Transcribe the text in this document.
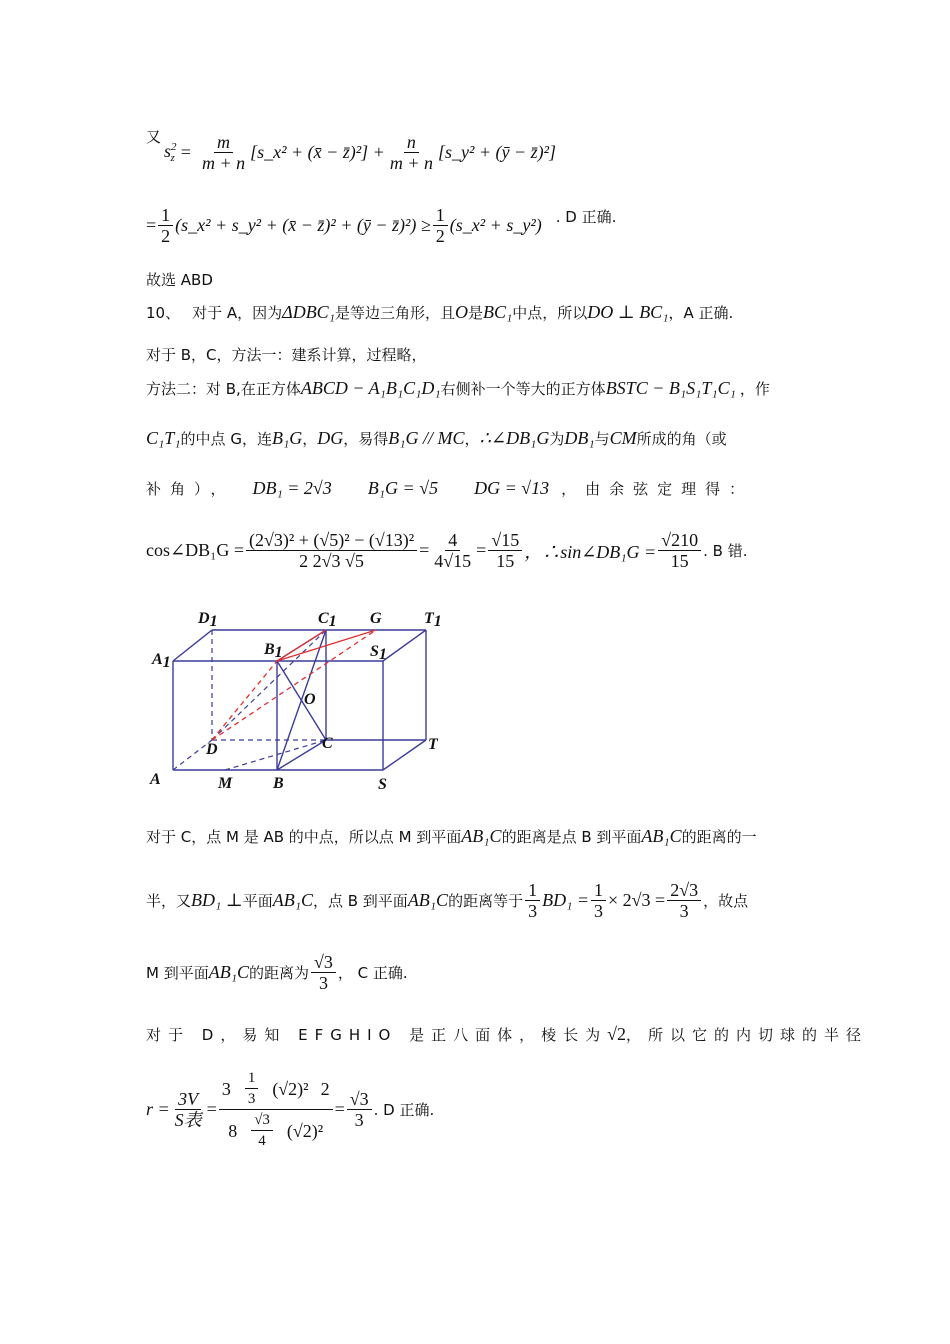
又
$s^2_z = \frac{m}{m + n}$ [s_x² + (x̄ − z̄)²] + $\frac{n}{m + n}$ [s_y² + (ȳ − z̄)²]
= $\frac{1}{2}$ (s_x² + s_y² + (x̄ − z̄)² + (ȳ − z̄)²) ≥ $\frac{1}{2}$ (s_x² + s_y²) . D 正确.
故选 ABD
10、 对于 A，因为 ΔDBC₁ 是等边三角形，且 O 是 BC₁ 中点，所以 DO ⊥ BC₁ ，A 正确.
对于 B，C，方法一：建系计算，过程略，
方法二：对 B,在正方体 ABCD − A₁B₁C₁D₁ 右侧补一个等大的正方体 BSTC − B₁S₁T₁C₁ ，作
C₁T₁ 的中点 G，连 B₁G ， DG ，易得 B₁G // MC ， ∴∠DB₁G 为 DB₁ 与 CM 所成的角（或
补角）， DB₁ = 2√3 B₁G = √5 DG = √13 ，由余弦定理得：
cos∠DB₁G = $\frac{\text{(2√3)² + (√5)² − (√13)²}}{2 2√3 √5} = \frac{4}{4√15} = \frac{√15}{15}$ ，∴sin∠DB₁G = $\frac{√210}{15}$ . B 错.
D1	C1 G	T1
A1
B1	S1
O
D	C	T
A	M	B	S
对于 C，点 M 是 AB 的中点，所以点 M 到平面 AB₁C 的距离是点 B 到平面 AB₁C 的距离的一
半，又 BD₁ ⊥ 平面 AB₁C ，点 B 到平面 AB₁C 的距离等于 $\frac{1}{3} BD_1 = \frac{1}{3} \times 2√3 = \frac{2√3}{3}$ ，故点
M 到平面 AB₁C 的距离为 $\frac{√3}{3}$ ， C 正确.
对于 D，易知 EFGHIO 是正八面体，棱长为 √2 ，所以它的内切球的半径
$r = \frac{3V}{\text{S表}} = \frac{3 \frac{1}{3} (√2)^2 2}{8 \frac{√3}{4} (√2)^2} = \frac{√3}{3}$ . D 正确.
